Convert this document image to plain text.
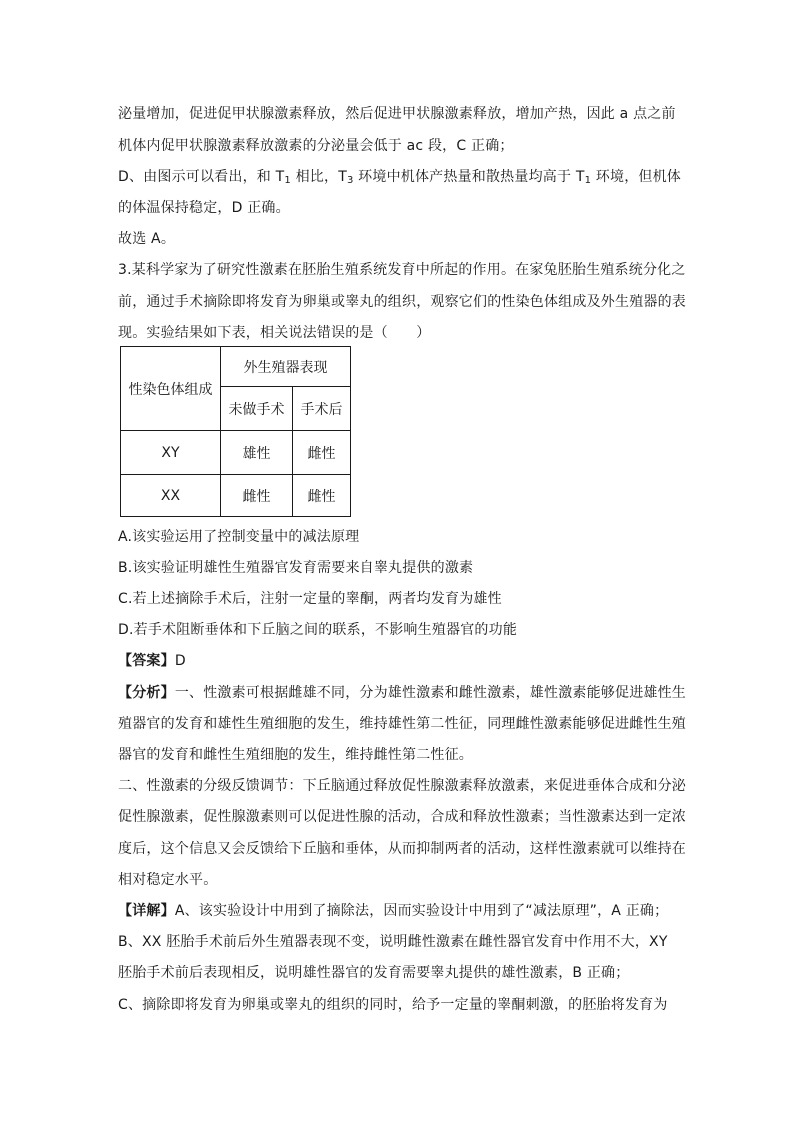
泌量增加，促进促甲状腺激素释放，然后促进甲状腺激素释放，增加产热，因此 a 点之前
机体内促甲状腺激素释放激素的分泌量会低于 ac 段，C 正确；
D、由图示可以看出，和 $T_1$ 相比，$T_3$ 环境中机体产热量和散热量均高于 $T_1$ 环境，但机体
的体温保持稳定，D 正确。
故选 A。
3.某科学家为了研究性激素在胚胎生殖系统发育中所起的作用。在家兔胚胎生殖系统分化之
前，通过手术摘除即将发育为卵巢或睾丸的组织，观察它们的性染色体组成及外生殖器的表
现。实验结果如下表，相关说法错误的是（　　）
性染色体组成	外生殖器表现	
	未做手术	手术后
XY	雄性	雌性
XX	雌性	雌性
A.该实验运用了控制变量中的减法原理
B.该实验证明雄性生殖器官发育需要来自睾丸提供的激素
C.若上述摘除手术后，注射一定量的睾酮，两者均发育为雄性
D.若手术阻断垂体和下丘脑之间的联系，不影响生殖器官的功能
【答案】D
【分析】一、性激素可根据雌雄不同，分为雄性激素和雌性激素，雄性激素能够促进雄性生
殖器官的发育和雄性生殖细胞的发生，维持雄性第二性征，同理雌性激素能够促进雌性生殖
器官的发育和雌性生殖细胞的发生，维持雌性第二性征。
二、性激素的分级反馈调节：下丘脑通过释放促性腺激素释放激素，来促进垂体合成和分泌
促性腺激素，促性腺激素则可以促进性腺的活动，合成和释放性激素；当性激素达到一定浓
度后，这个信息又会反馈给下丘脑和垂体，从而抑制两者的活动，这样性激素就可以维持在
相对稳定水平。
【详解】A、该实验设计中用到了摘除法，因而实验设计中用到了“减法原理”，A 正确；
B、XX 胚胎手术前后外生殖器表现不变，说明雌性激素在雌性器官发育中作用不大，XY
胚胎手术前后表现相反，说明雄性器官的发育需要睾丸提供的雄性激素，B 正确；
C、摘除即将发育为卵巢或睾丸的组织的同时，给予一定量的睾酮刺激，的胚胎将发育为
